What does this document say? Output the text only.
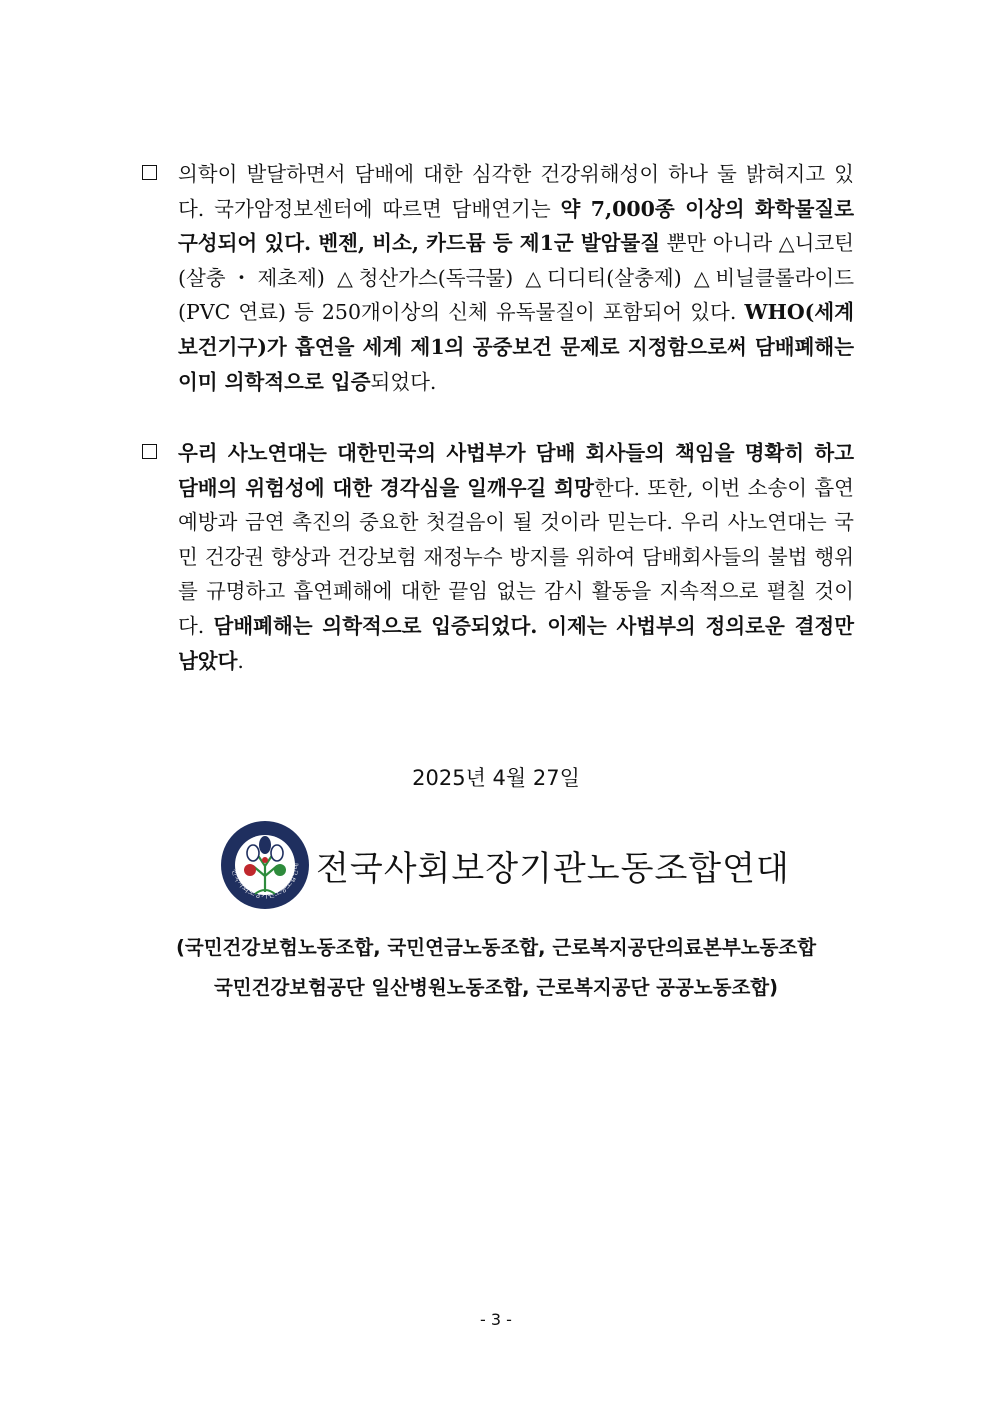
의학이 발달하면서 담배에 대한 심각한 건강위해성이 하나 둘 밝혀지고 있다. 국가암정보센터에 따르면 담배연기는 약 7,000종 이상의 화학물질로 구성되어 있다. 벤젠, 비소, 카드뮴 등 제1군 발암물질 뿐만 아니라 △니코틴(살충・제초제) △청산가스(독극물) △디디티(살충제) △비닐클롤라이드(PVC 연료) 등 250개이상의 신체 유독물질이 포함되어 있다. WHO(세계보건기구)가 흡연을 세계 제1의 공중보건 문제로 지정함으로써 담배폐해는 이미 의학적으로 입증되었다.
우리 사노연대는 대한민국의 사법부가 담배 회사들의 책임을 명확히 하고 담배의 위험성에 대한 경각심을 일깨우길 희망한다. 또한, 이번 소송이 흡연 예방과 금연 촉진의 중요한 첫걸음이 될 것이라 믿는다. 우리 사노연대는 국민 건강권 향상과 건강보험 재정누수 방지를 위하여 담배회사들의 불법 행위를 규명하고 흡연폐해에 대한 끝임 없는 감시 활동을 지속적으로 펼칠 것이다. 담배폐해는 의학적으로 입증되었다. 이제는 사법부의 정의로운 결정만 남았다.
2025년 4월 27일
전국사회보장기관노동조합연대 전국사회보장기관노동조합연대
(국민건강보험노동조합, 국민연금노동조합, 근로복지공단의료본부노동조합
국민건강보험공단 일산병원노동조합, 근로복지공단 공공노동조합)
- 3 -
